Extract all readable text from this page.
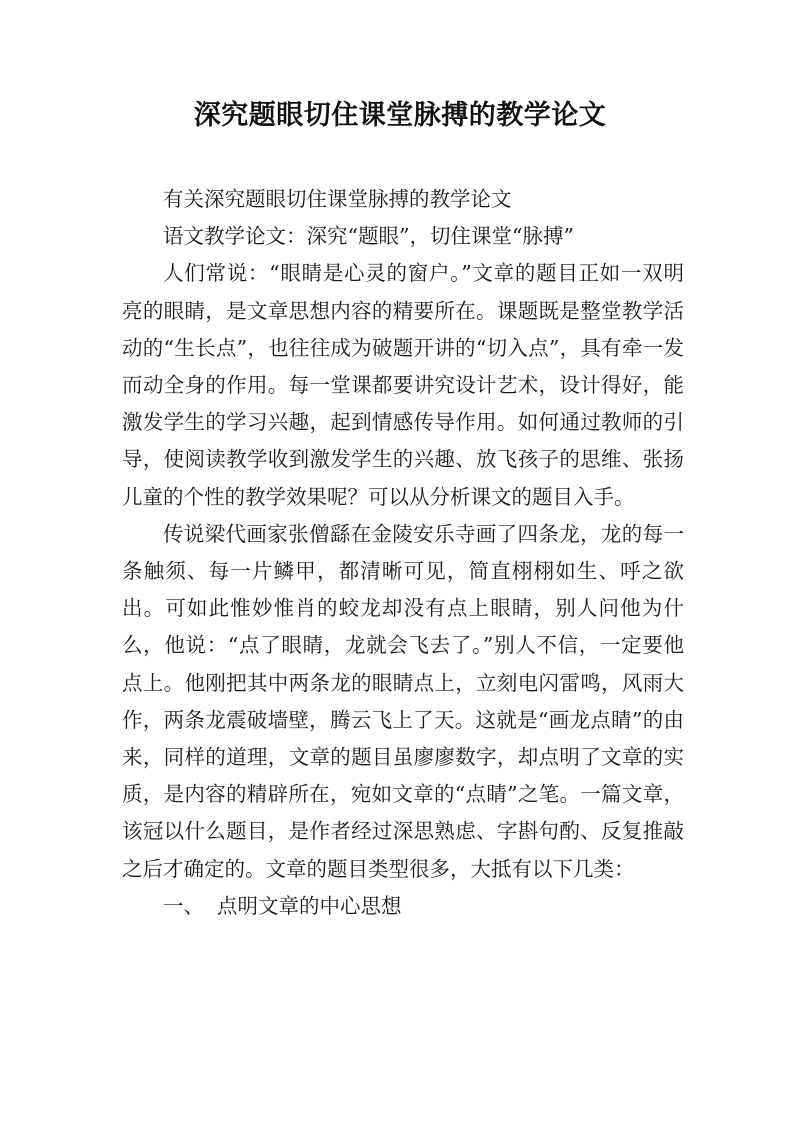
深究题眼切住课堂脉搏的教学论文

有关深究题眼切住课堂脉搏的教学论文

语文教学论文：深究“题眼”，切住课堂“脉搏”

人们常说：“眼睛是心灵的窗户。”文章的题目正如一双明亮的眼睛，是文章思想内容的精要所在。课题既是整堂教学活动的“生长点”，也往往成为破题开讲的“切入点”，具有牵一发而动全身的作用。每一堂课都要讲究设计艺术，设计得好，能激发学生的学习兴趣，起到情感传导作用。如何通过教师的引导，使阅读教学收到激发学生的兴趣、放飞孩子的思维、张扬儿童的个性的教学效果呢？可以从分析课文的题目入手。

传说梁代画家张僧繇在金陵安乐寺画了四条龙，龙的每一条触须、每一片鳞甲，都清晰可见，简直栩栩如生、呼之欲出。可如此惟妙惟肖的蛟龙却没有点上眼睛，别人问他为什么，他说：“点了眼睛，龙就会飞去了。”别人不信，一定要他点上。他刚把其中两条龙的眼睛点上，立刻电闪雷鸣，风雨大作，两条龙震破墙壁，腾云飞上了天。这就是“画龙点睛”的由来，同样的道理，文章的题目虽廖廖数字，却点明了文章的实质，是内容的精辟所在，宛如文章的“点睛”之笔。一篇文章，该冠以什么题目，是作者经过深思熟虑、字斟句酌、反复推敲之后才确定的。文章的题目类型很多，大抵有以下几类：

一、  点明文章的中心思想
